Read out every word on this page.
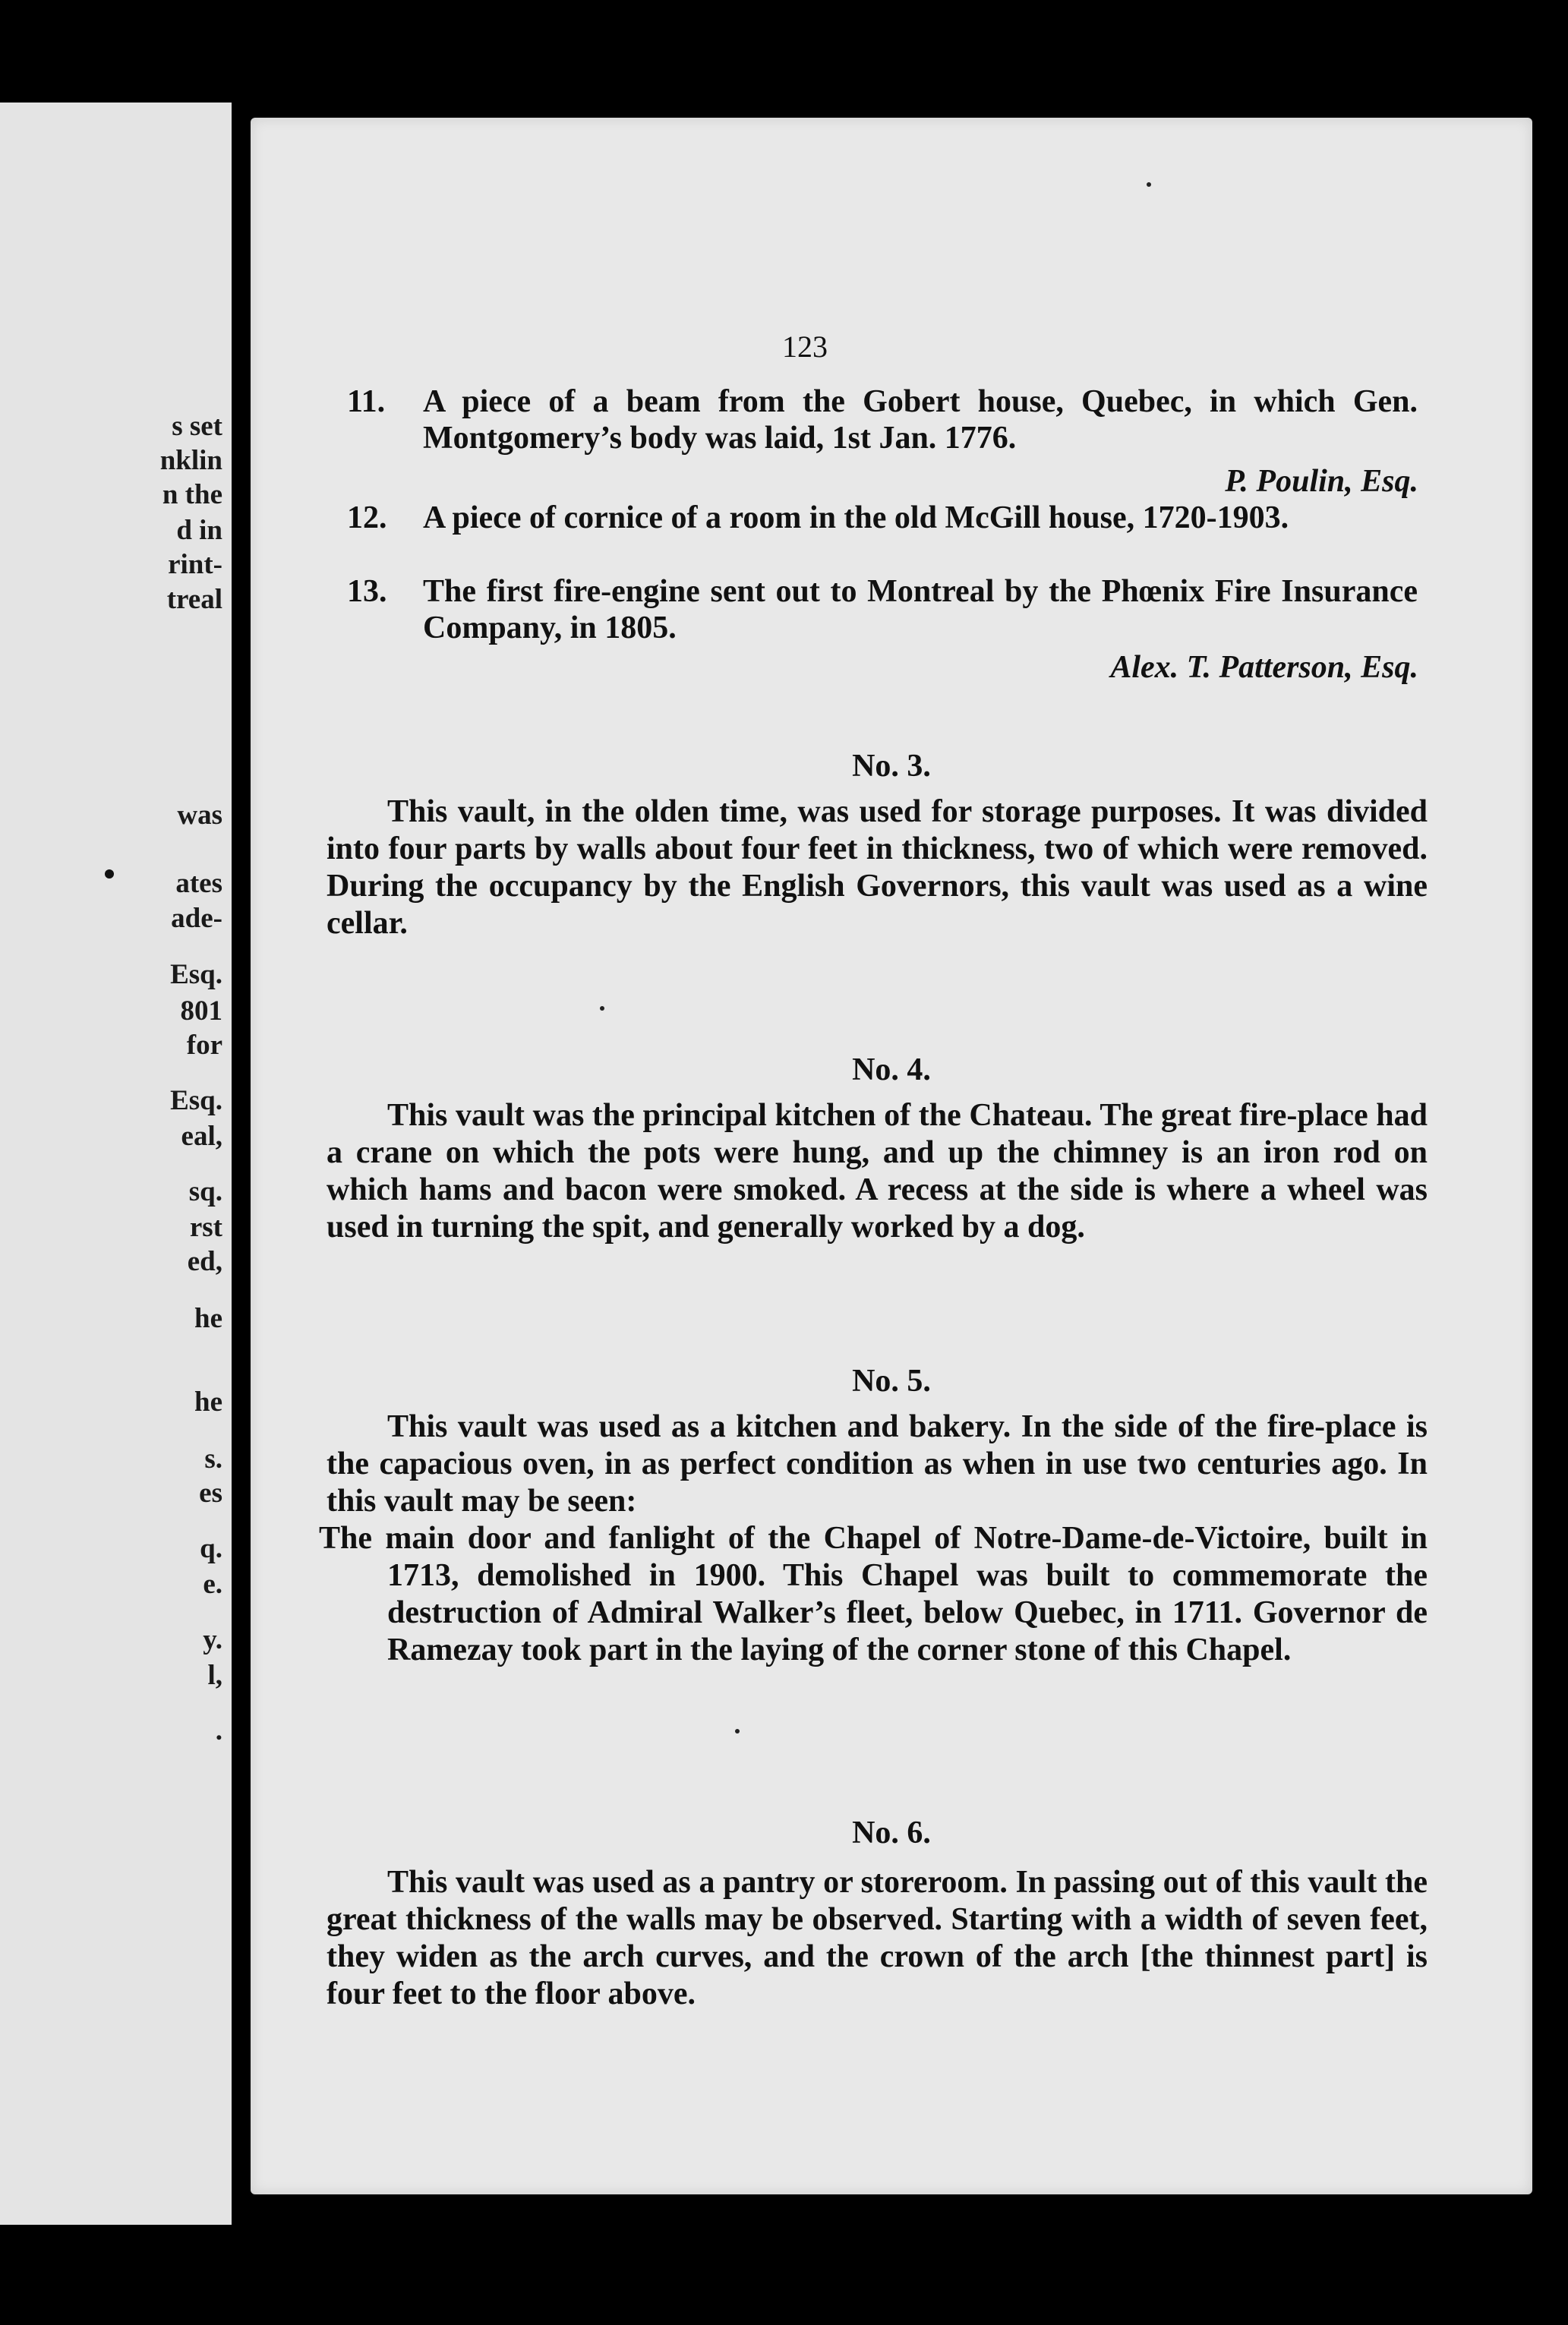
s set
nklin
n the
d in
rint-
treal
was
ates
ade-
Esq.
801
for
Esq.
eal,
sq.
rst
ed,
he
he
s.
es
q.
e.
y.
l,
.
123
11. A piece of a beam from the Gobert house, Quebec, in which Gen. Montgomery’s body was laid, 1st Jan. 1776.
P. Poulin, Esq.
12. A piece of cornice of a room in the old McGill house, 1720-1903.
13. The first fire-engine sent out to Montreal by the Phœnix Fire Insurance Company, in 1805.
Alex. T. Patterson, Esq.
No. 3.
This vault, in the olden time, was used for storage purposes. It was divided into four parts by walls about four feet in thickness, two of which were removed. During the occupancy by the English Governors, this vault was used as a wine cellar.
No. 4.
This vault was the principal kitchen of the Chateau. The great fire-place had a crane on which the pots were hung, and up the chimney is an iron rod on which hams and bacon were smoked. A recess at the side is where a wheel was used in turning the spit, and generally worked by a dog.
No. 5.
This vault was used as a kitchen and bakery. In the side of the fire-place is the capacious oven, in as perfect condition as when in use two centuries ago. In this vault may be seen:
The main door and fanlight of the Chapel of Notre-Dame-de-Victoire, built in 1713, demolished in 1900. This Chapel was built to commemorate the destruction of Admiral Walker’s fleet, below Quebec, in 1711. Governor de Ramezay took part in the laying of the corner stone of this Chapel.
No. 6.
This vault was used as a pantry or storeroom. In passing out of this vault the great thickness of the walls may be observed. Starting with a width of seven feet, they widen as the arch curves, and the crown of the arch [the thinnest part] is four feet to the floor above.
